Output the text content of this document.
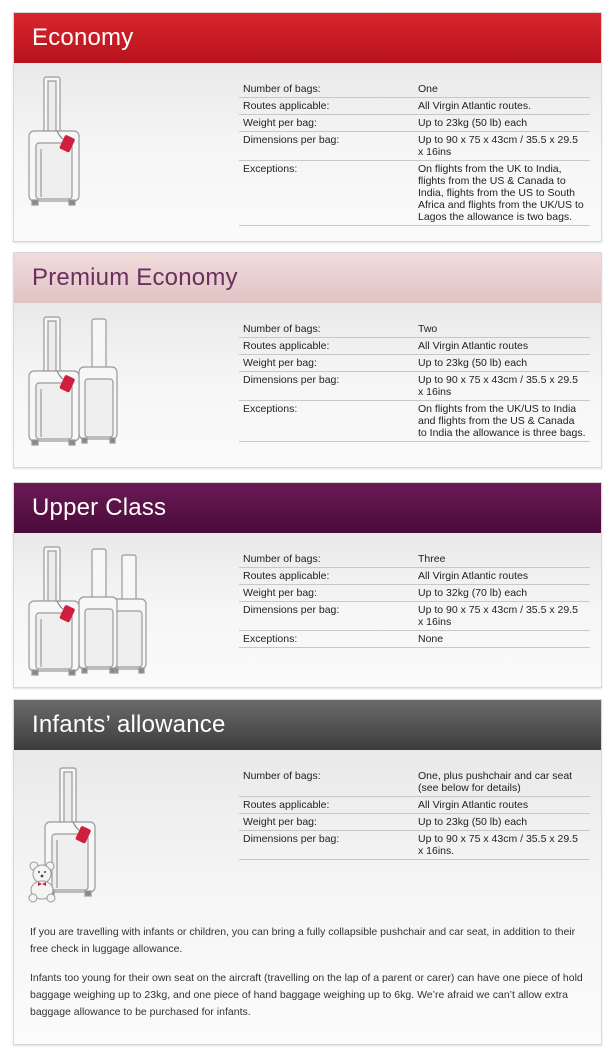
Economy
Number of bags:	One
Routes applicable:	All Virgin Atlantic routes.
Weight per bag:	Up to 23kg (50 lb) each
Dimensions per bag:	Up to 90 x 75 x 43cm / 35.5 x 29.5 x 16ins
Exceptions:	On flights from the UK to India, flights from the US & Canada to India, flights from the US to South Africa and flights from the UK/US to Lagos the allowance is two bags.
Premium Economy
Number of bags:	Two
Routes applicable:	All Virgin Atlantic routes
Weight per bag:	Up to 23kg (50 lb) each
Dimensions per bag:	Up to 90 x 75 x 43cm / 35.5 x 29.5 x 16ins
Exceptions:	On flights from the UK/US to India and flights from the US & Canada to India the allowance is three bags.
Upper Class
Number of bags:	Three
Routes applicable:	All Virgin Atlantic routes
Weight per bag:	Up to 32kg (70 lb) each
Dimensions per bag:	Up to 90 x 75 x 43cm / 35.5 x 29.5 x 16ins
Exceptions:	None
Infants’ allowance
Number of bags:	One, plus pushchair and car seat (see below for details)
Routes applicable:	All Virgin Atlantic routes
Weight per bag:	Up to 23kg (50 lb) each
Dimensions per bag:	Up to 90 x 75 x 43cm / 35.5 x 29.5 x 16ins.

If you are travelling with infants or children, you can bring a fully collapsible pushchair and car seat, in addition to their free check in luggage allowance.

Infants too young for their own seat on the aircraft (travelling on the lap of a parent or carer) can have one piece of hold baggage weighing up to 23kg, and one piece of hand baggage weighing up to 6kg. We’re afraid we can’t allow extra baggage allowance to be purchased for infants.
